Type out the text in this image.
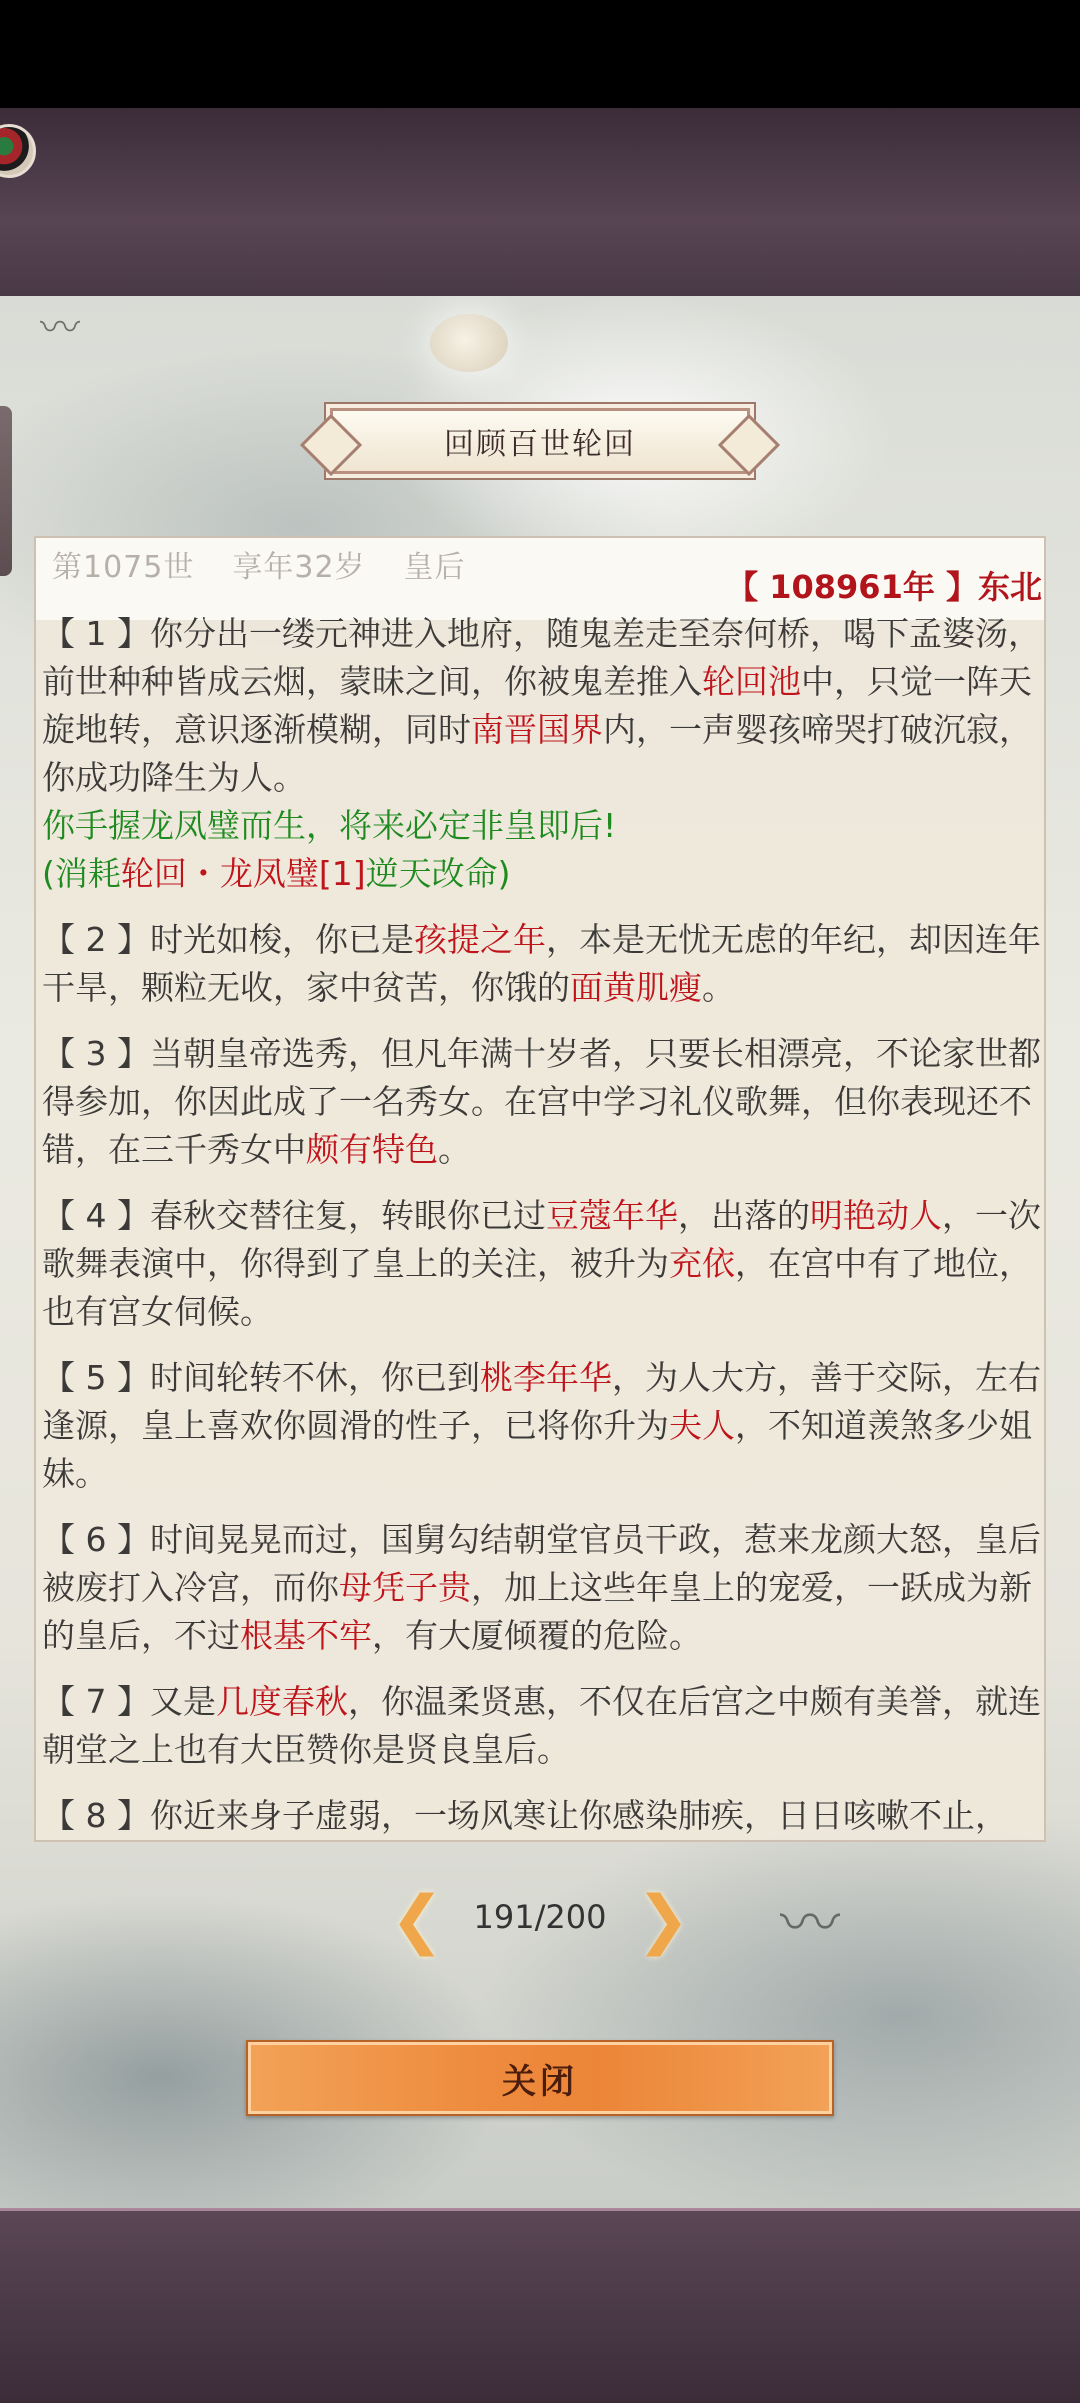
〰
〰
回顾百世轮回
第1075世 享年32岁 皇后
【 108961年 】东北

【 1 】你分出一缕元神进入地府，随鬼差走至奈何桥，喝下孟婆汤，前世种种皆成云烟，蒙昧之间，你被鬼差推入轮回池中，只觉一阵天旋地转，意识逐渐模糊，同时南晋国界内，一声婴孩啼哭打破沉寂，你成功降生为人。

你手握龙凤璧而生，将来必定非皇即后!
(消耗轮回・龙凤璧[1]逆天改命)

【 2 】时光如梭，你已是孩提之年，本是无忧无虑的年纪，却因连年干旱，颗粒无收，家中贫苦，你饿的面黄肌瘦。

【 3 】当朝皇帝选秀，但凡年满十岁者，只要长相漂亮，不论家世都得参加，你因此成了一名秀女。在宫中学习礼仪歌舞，但你表现还不错，在三千秀女中颇有特色。

【 4 】春秋交替往复，转眼你已过豆蔻年华，出落的明艳动人，一次歌舞表演中，你得到了皇上的关注，被升为充依，在宫中有了地位，也有宫女伺候。

【 5 】时间轮转不休，你已到桃李年华，为人大方，善于交际，左右逢源，皇上喜欢你圆滑的性子，已将你升为夫人，不知道羡煞多少姐妹。

【 6 】时间晃晃而过，国舅勾结朝堂官员干政，惹来龙颜大怒，皇后被废打入冷宫，而你母凭子贵，加上这些年皇上的宠爱，一跃成为新的皇后，不过根基不牢，有大厦倾覆的危险。

【 7 】又是几度春秋，你温柔贤惠，不仅在后宫之中颇有美誉，就连朝堂之上也有大臣赞你是贤良皇后。

【 8 】你近来身子虚弱，一场风寒让你感染肺疾，日日咳嗽不止，

❮ 191/200 ❯
关闭
